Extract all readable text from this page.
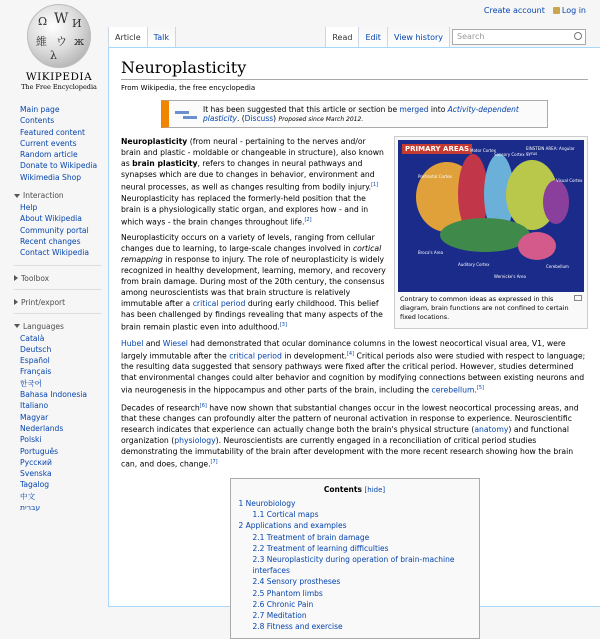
Create account	Log in
Ω W И
維 ウ ж
λ
WIKIPEDIA
The Free Encyclopedia
Article	Talk	Read	Edit	View history	Search
Main page
Contents
Featured content
Current events
Random article
Donate to Wikipedia
Wikimedia Shop
Interaction
Help
About Wikipedia
Community portal
Recent changes
Contact Wikipedia
Toolbox
Print/export
Languages
Català
Deutsch
Español
Français
한국어
Bahasa Indonesia
Italiano
Magyar
Nederlands
Polski
Português
Русский
Svenska
Tagalog
中文
עברית
Neuroplasticity
From Wikipedia, the free encyclopedia
It has been suggested that this article or section be merged into Activity-dependent plasticity. (Discuss) Proposed since March 2012.
PRIMARY AREAS Motor Cortex
Sensory Cortex
Prefrontal Cortex
EINSTEIN AREA: Angular gyrus
Visual Cortex
Broca's Area
Auditory Cortex
Wernicke's Area
Cerebellum
Contrary to common ideas as expressed in this diagram, brain functions are not confined to certain fixed locations.

Neuroplasticity (from neural - pertaining to the nerves and/or brain and plastic - moldable or changeable in structure), also known as brain plasticity, refers to changes in neural pathways and synapses which are due to changes in behavior, environment and neural processes, as well as changes resulting from bodily injury.[1] Neuroplasticity has replaced the formerly-held position that the brain is a physiologically static organ, and explores how - and in which ways - the brain changes throughout life.[2]

Neuroplasticity occurs on a variety of levels, ranging from cellular changes due to learning, to large-scale changes involved in cortical remapping in response to injury. The role of neuroplasticity is widely recognized in healthy development, learning, memory, and recovery from brain damage. During most of the 20th century, the consensus among neuroscientists was that brain structure is relatively immutable after a critical period during early childhood. This belief has been challenged by findings revealing that many aspects of the brain remain plastic even into adulthood.[3]

Hubel and Wiesel had demonstrated that ocular dominance columns in the lowest neocortical visual area, V1, were largely immutable after the critical period in development.[4] Critical periods also were studied with respect to language; the resulting data suggested that sensory pathways were fixed after the critical period. However, studies determined that environmental changes could alter behavior and cognition by modifying connections between existing neurons and via neurogenesis in the hippocampus and other parts of the brain, including the cerebellum.[5]

Decades of research[6] have now shown that substantial changes occur in the lowest neocortical processing areas, and that these changes can profoundly alter the pattern of neuronal activation in response to experience. Neuroscientific research indicates that experience can actually change both the brain's physical structure (anatomy) and functional organization (physiology). Neuroscientists are currently engaged in a reconciliation of critical period studies demonstrating the immutability of the brain after development with the more recent research showing how the brain can, and does, change.[7]

Contents [hide]
1 Neurobiology
1.1 Cortical maps
2 Applications and examples
2.1 Treatment of brain damage
2.2 Treatment of learning difficulties
2.3 Neuroplasticity during operation of brain-machine interfaces
2.4 Sensory prostheses
2.5 Phantom limbs
2.6 Chronic Pain
2.7 Meditation
2.8 Fitness and exercise
